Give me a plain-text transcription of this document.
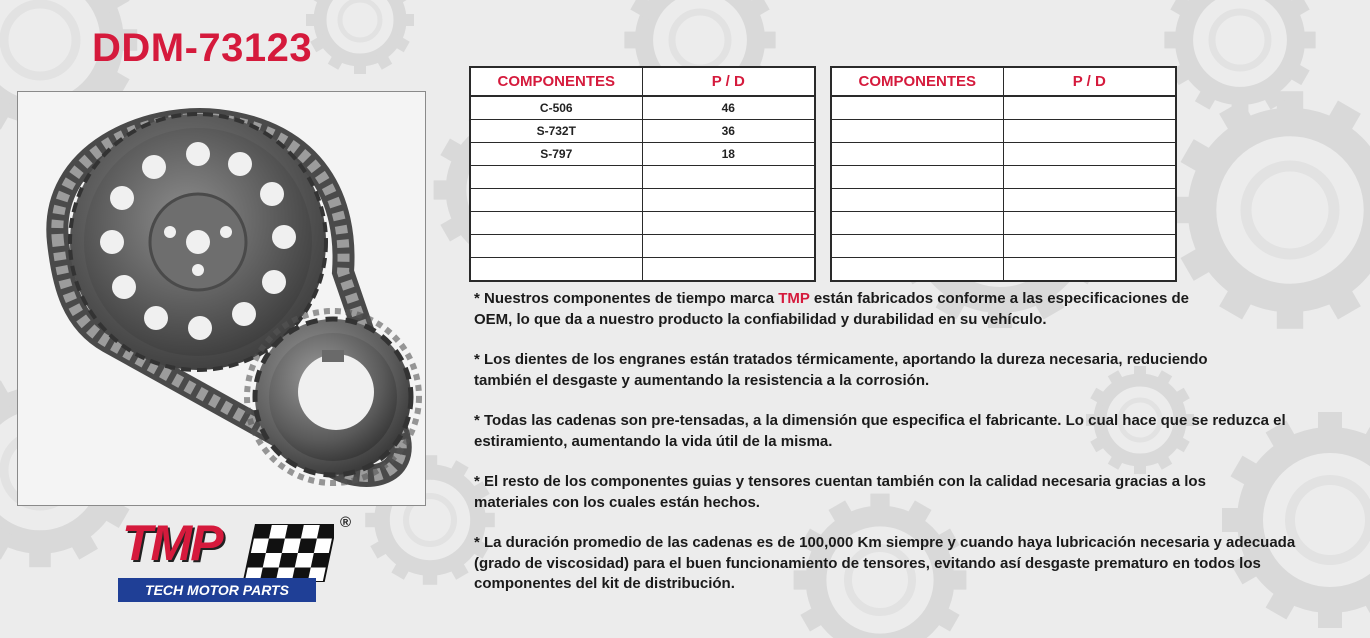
DDM-73123
COMPONENTES	P / D
C-506	46
S-732T	36
S-797	18

COMPONENTES	P / D

* Nuestros componentes de tiempo marca TMP están fabricados conforme a las especificaciones de OEM, lo que da a nuestro producto la confiabilidad y durabilidad en su vehículo.

* Los dientes de los engranes están tratados térmicamente, aportando la dureza necesaria, reduciendo también el desgaste y aumentando la resistencia a la corrosión.

* Todas las cadenas son pre-tensadas, a la dimensión que especifica el fabricante. Lo cual hace que se reduzca el estiramiento, aumentando la vida útil de la misma.

* El resto de los componentes guias y tensores cuentan también con la calidad necesaria gracias a los materiales con los cuales están hechos.

* La duración promedio de las cadenas es de 100,000 Km siempre y cuando haya lubricación necesaria y adecuada (grado de viscosidad) para el buen funcionamiento de tensores, evitando así desgaste prematuro en todos los componentes del kit de distribución.

TMP	®
TECH MOTOR PARTS
